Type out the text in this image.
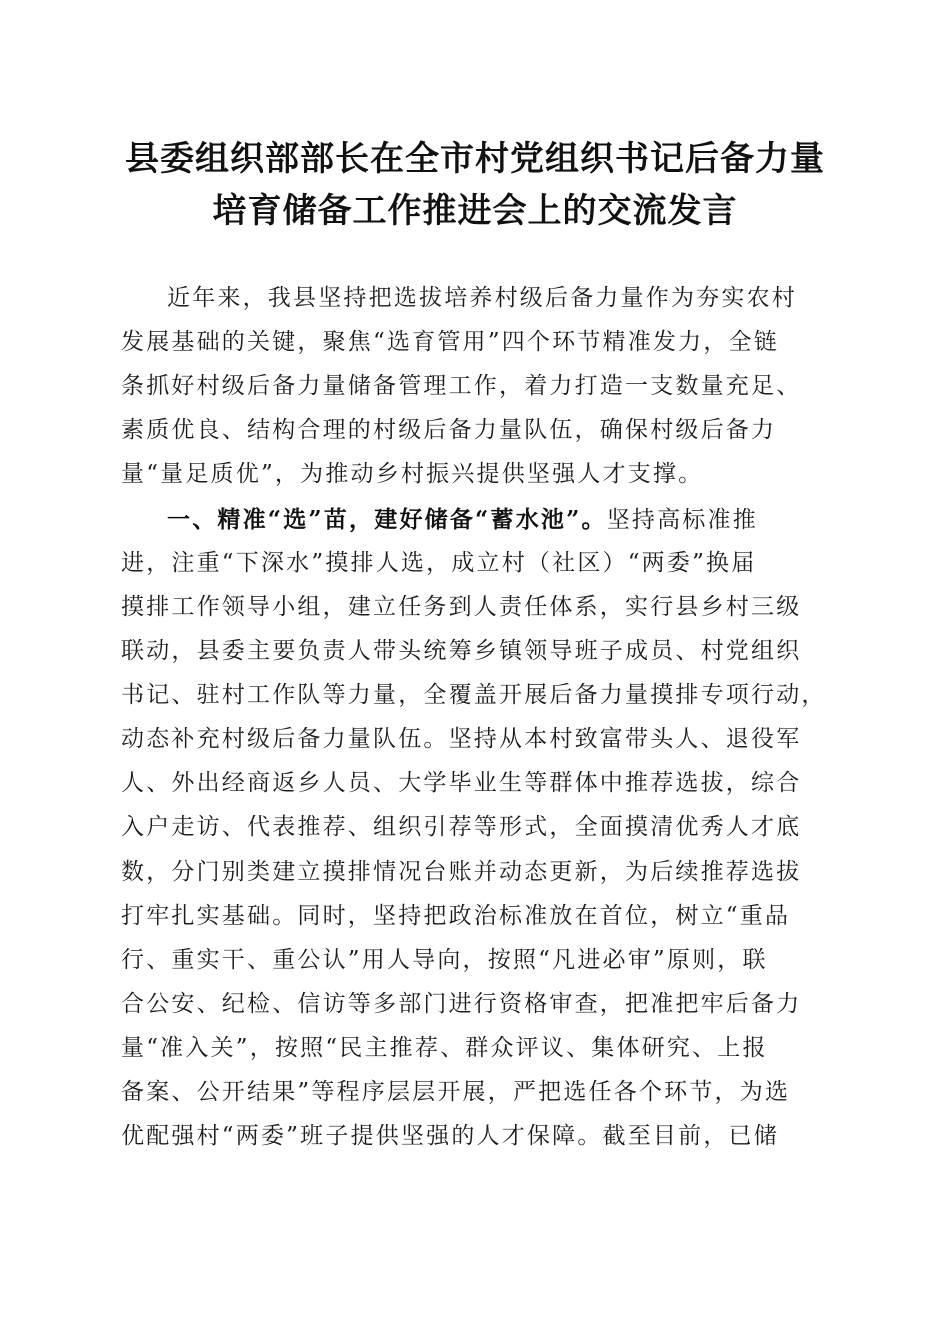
县委组织部部长在全市村党组织书记后备力量
培育储备工作推进会上的交流发言
近年来，我县坚持把选拔培养村级后备力量作为夯实农村
发展基础的关键，聚焦“选育管用”四个环节精准发力，全链
条抓好村级后备力量储备管理工作，着力打造一支数量充足、
素质优良、结构合理的村级后备力量队伍，确保村级后备力
量“量足质优”，为推动乡村振兴提供坚强人才支撑。
一、精准“选”苗，建好储备“蓄水池”。坚持高标准推
进，注重“下深水”摸排人选，成立村（社区）“两委”换届
摸排工作领导小组，建立任务到人责任体系，实行县乡村三级
联动，县委主要负责人带头统筹乡镇领导班子成员、村党组织
书记、驻村工作队等力量，全覆盖开展后备力量摸排专项行动，
动态补充村级后备力量队伍。坚持从本村致富带头人、退役军
人、外出经商返乡人员、大学毕业生等群体中推荐选拔，综合
入户走访、代表推荐、组织引荐等形式，全面摸清优秀人才底
数，分门别类建立摸排情况台账并动态更新，为后续推荐选拔
打牢扎实基础。同时，坚持把政治标准放在首位，树立“重品
行、重实干、重公认”用人导向，按照“凡进必审”原则，联
合公安、纪检、信访等多部门进行资格审查，把准把牢后备力
量“准入关”，按照“民主推荐、群众评议、集体研究、上报
备案、公开结果”等程序层层开展，严把选任各个环节，为选
优配强村“两委”班子提供坚强的人才保障。截至目前，已储
